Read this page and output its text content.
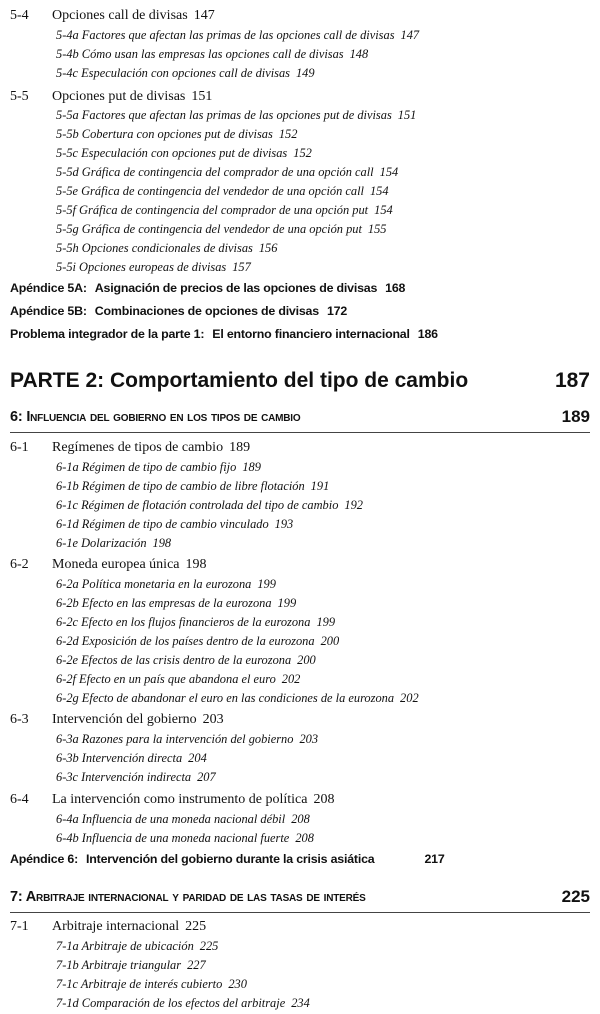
5-4 Opciones call de divisas 147
5-4a Factores que afectan las primas de las opciones call de divisas 147
5-4b Cómo usan las empresas las opciones call de divisas 148
5-4c Especulación con opciones call de divisas 149
5-5 Opciones put de divisas 151
5-5a Factores que afectan las primas de las opciones put de divisas 151
5-5b Cobertura con opciones put de divisas 152
5-5c Especulación con opciones put de divisas 152
5-5d Gráfica de contingencia del comprador de una opción call 154
5-5e Gráfica de contingencia del vendedor de una opción call 154
5-5f Gráfica de contingencia del comprador de una opción put 154
5-5g Gráfica de contingencia del vendedor de una opción put 155
5-5h Opciones condicionales de divisas 156
5-5i Opciones europeas de divisas 157
Apéndice 5A: Asignación de precios de las opciones de divisas 168
Apéndice 5B: Combinaciones de opciones de divisas 172
Problema integrador de la parte 1: El entorno financiero internacional 186
PARTE 2: Comportamiento del tipo de cambio	187
6: Influencia del gobierno en los tipos de cambio	189
6-1 Regímenes de tipos de cambio 189
6-1a Régimen de tipo de cambio fijo 189
6-1b Régimen de tipo de cambio de libre flotación 191
6-1c Régimen de flotación controlada del tipo de cambio 192
6-1d Régimen de tipo de cambio vinculado 193
6-1e Dolarización 198
6-2 Moneda europea única 198
6-2a Política monetaria en la eurozona 199
6-2b Efecto en las empresas de la eurozona 199
6-2c Efecto en los flujos financieros de la eurozona 199
6-2d Exposición de los países dentro de la eurozona 200
6-2e Efectos de las crisis dentro de la eurozona 200
6-2f Efecto en un país que abandona el euro 202
6-2g Efecto de abandonar el euro en las condiciones de la eurozona 202
6-3 Intervención del gobierno 203
6-3a Razones para la intervención del gobierno 203
6-3b Intervención directa 204
6-3c Intervención indirecta 207
6-4 La intervención como instrumento de política 208
6-4a Influencia de una moneda nacional débil 208
6-4b Influencia de una moneda nacional fuerte 208
Apéndice 6: Intervención del gobierno durante la crisis asiática	217
7: Arbitraje internacional y paridad de las tasas de interés	225
7-1 Arbitraje internacional 225
7-1a Arbitraje de ubicación 225
7-1b Arbitraje triangular 227
7-1c Arbitraje de interés cubierto 230
7-1d Comparación de los efectos del arbitraje 234
